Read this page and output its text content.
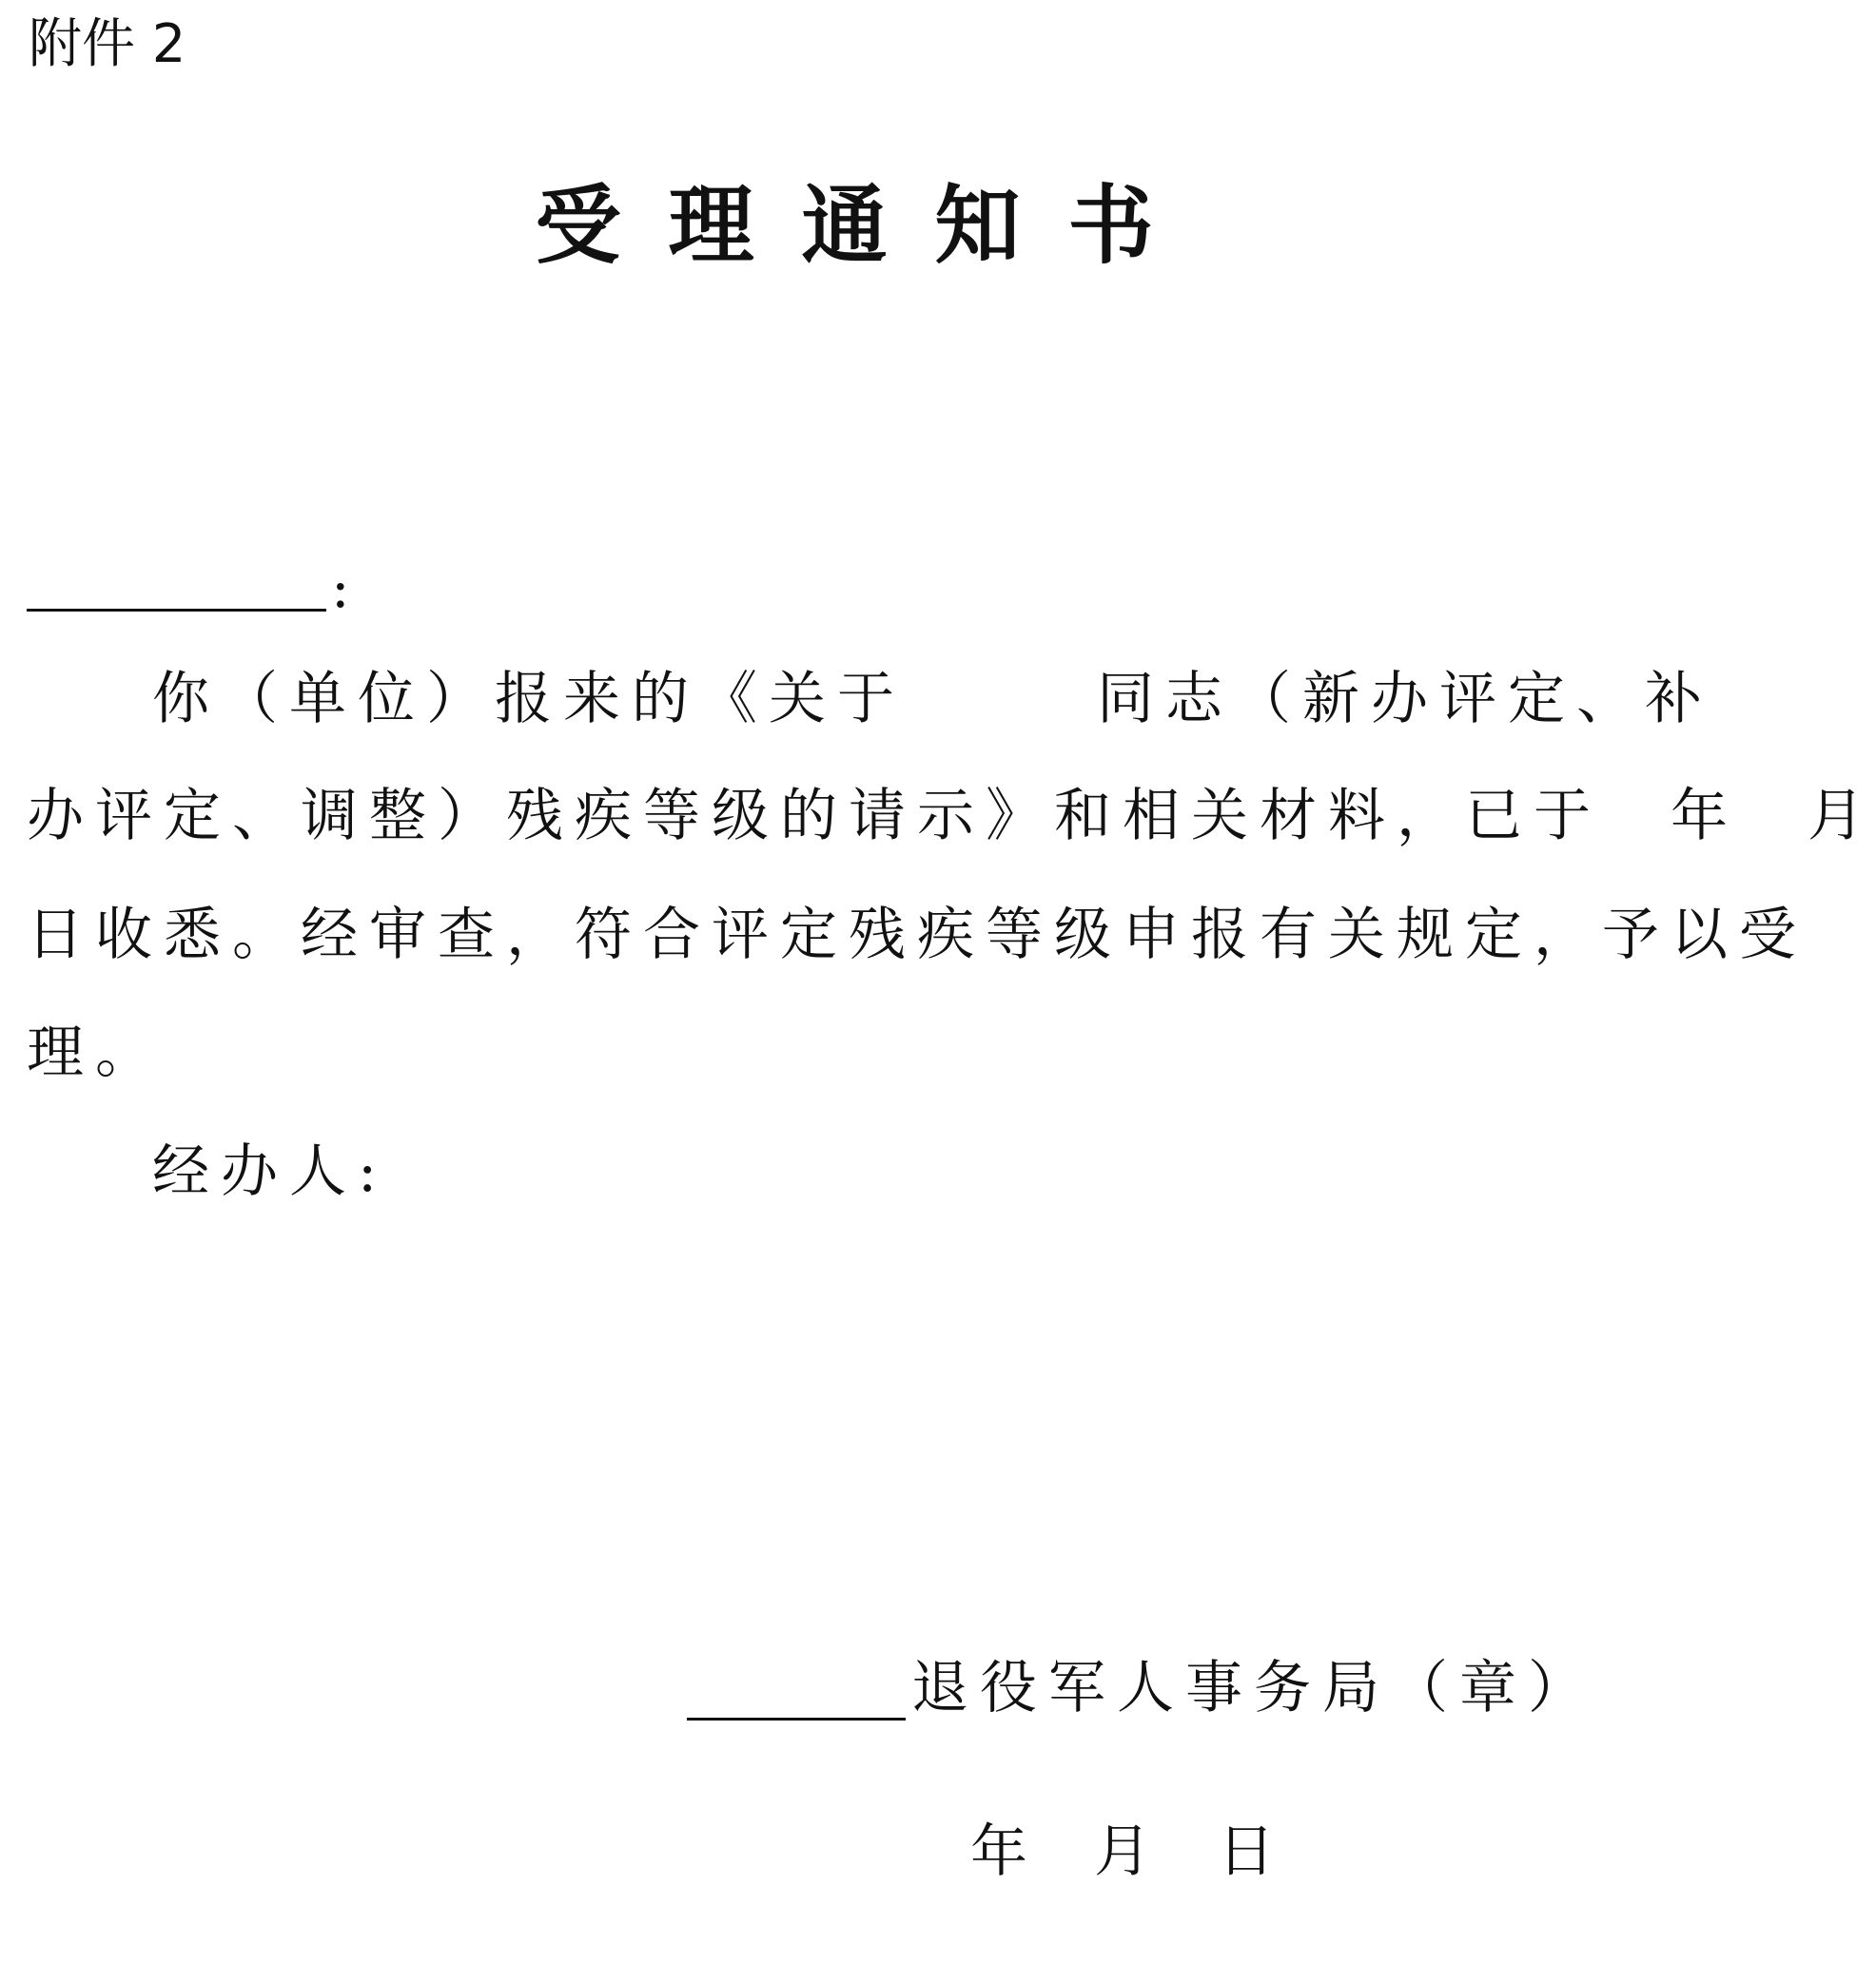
附件 2
受理通知书
:
你（单位）报来的《关于	同志（新办评定、补
办评定、调整）残疾等级的请示》和相关材料，已于　年　月
日收悉。经审查，符合评定残疾等级申报有关规定，予以受
理。
经办人:
退役军人事务局（章）
年月日
